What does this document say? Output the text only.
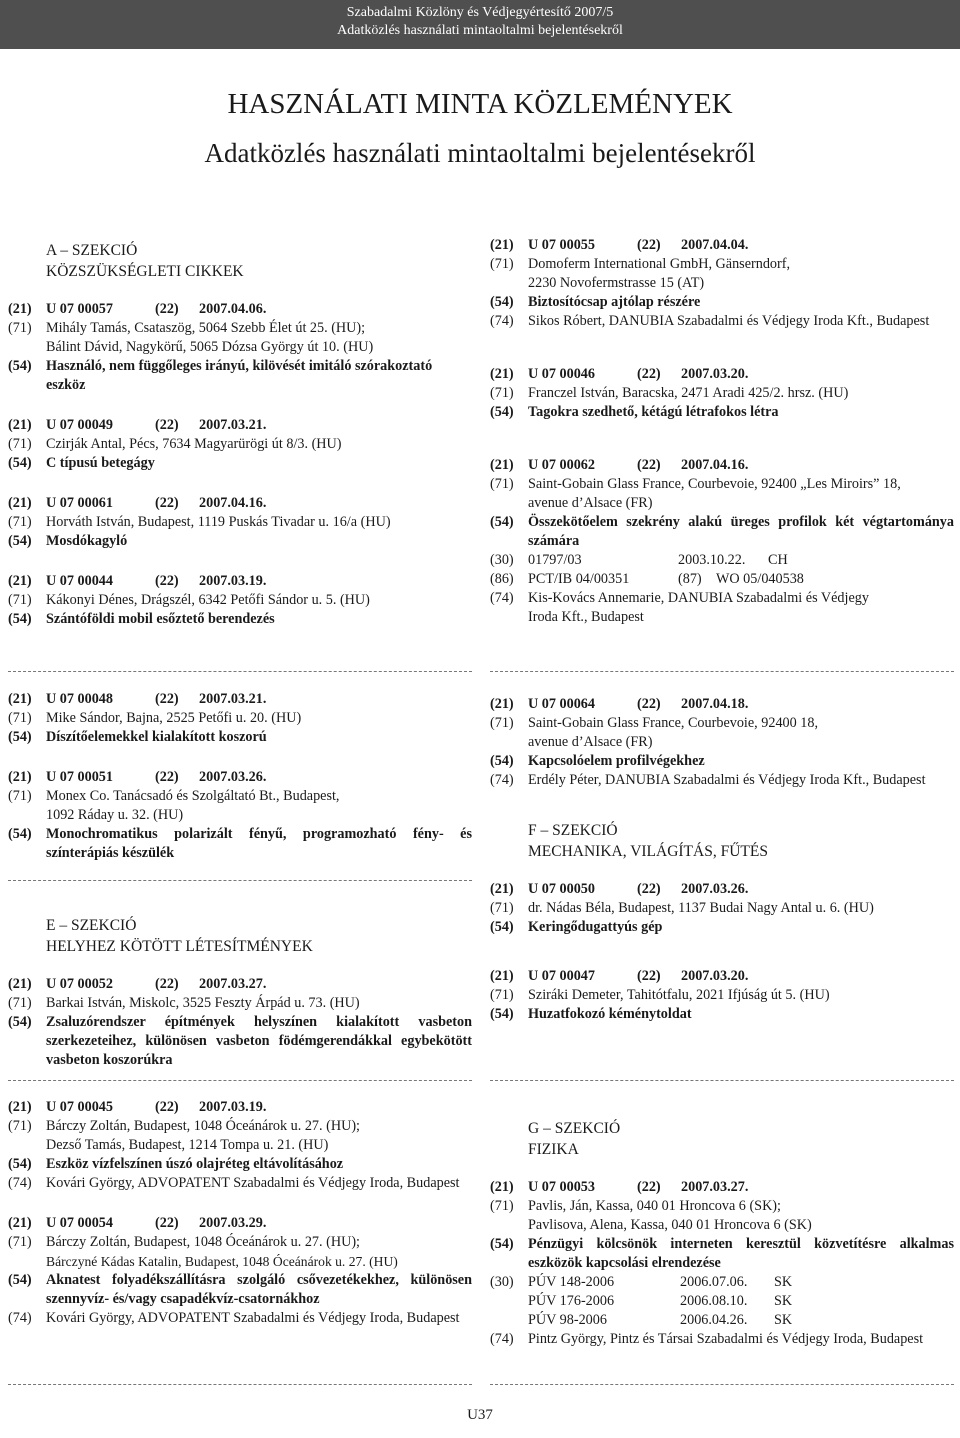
Szabadalmi Közlöny és Védjegyértesítő 2007/5
Adatközlés használati mintaoltalmi bejelentésekről
HASZNÁLATI MINTA KÖZLEMÉNYEK
Adatközlés használati mintaoltalmi bejelentésekről
A – SZEKCIÓ
KÖZSZÜKSÉGLETI CIKKEK
(21)	U 07 00057	(22)	2007.04.06.
(71)	Mihály Tamás, Csataszög, 5064 Szebb Élet út 25. (HU);
Bálint Dávid, Nagykörű, 5065 Dózsa György út 10. (HU)
(54)	Használó, nem függőleges irányú, kilövését imitáló szórakoztató eszköz
(21)	U 07 00049	(22)	2007.03.21.
(71)	Czirják Antal, Pécs, 7634 Magyarürögi út 8/3. (HU)
(54)	C típusú betegágy
(21)	U 07 00061	(22)	2007.04.16.
(71)	Horváth István, Budapest, 1119 Puskás Tivadar u. 16/a (HU)
(54)	Mosdókagyló
(21)	U 07 00044	(22)	2007.03.19.
(71)	Kákonyi Dénes, Drágszél, 6342 Petőfi Sándor u. 5. (HU)
(54)	Szántóföldi mobil esőztető berendezés
(21)	U 07 00048	(22)	2007.03.21.
(71)	Mike Sándor, Bajna, 2525 Petőfi u. 20. (HU)
(54)	Díszítőelemekkel kialakított koszorú
(21)	U 07 00051	(22)	2007.03.26.
(71)	Monex Co. Tanácsadó és Szolgáltató Bt., Budapest,
1092 Ráday u. 32. (HU)
(54)	Monochromatikus polarizált fényű, programozható fény- és színterápiás készülék
E – SZEKCIÓ
HELYHEZ KÖTÖTT LÉTESÍTMÉNYEK
(21)	U 07 00052	(22)	2007.03.27.
(71)	Barkai István, Miskolc, 3525 Feszty Árpád u. 73. (HU)
(54)	Zsaluzórendszer építmények helyszínen kialakított vasbeton szerkezeteihez, különösen vasbeton födémgerendákkal egybekötött vasbeton koszorúkra
(21)	U 07 00045	(22)	2007.03.19.
(71)	Bárczy Zoltán, Budapest, 1048 Óceánárok u. 27. (HU);
Dezső Tamás, Budapest, 1214 Tompa u. 21. (HU)
(54)	Eszköz vízfelszínen úszó olajréteg eltávolításához
(74)	Kovári György, ADVOPATENT Szabadalmi és Védjegy Iroda, Budapest
(21)	U 07 00054	(22)	2007.03.29.
(71)	Bárczy Zoltán, Budapest, 1048 Óceánárok u. 27. (HU);
Bárczyné Kádas Katalin, Budapest, 1048 Óceánárok u. 27. (HU)
(54)	Aknatest folyadékszállításra szolgáló csővezetékekhez, különösen szennyvíz- és/vagy csapadékvíz-csatornákhoz
(74)	Kovári György, ADVOPATENT Szabadalmi és Védjegy Iroda, Budapest
(21)	U 07 00055	(22)	2007.04.04.
(71)	Domoferm International GmbH, Gänserndorf,
2230 Novofermstrasse 15 (AT)
(54)	Biztosítócsap ajtólap részére
(74)	Sikos Róbert, DANUBIA Szabadalmi és Védjegy Iroda Kft., Budapest
(21)	U 07 00046	(22)	2007.03.20.
(71)	Franczel István, Baracska, 2471 Aradi 425/2. hrsz. (HU)
(54)	Tagokra szedhető, kétágú létrafokos létra
(21)	U 07 00062	(22)	2007.04.16.
(71)	Saint-Gobain Glass France, Courbevoie, 92400 „Les Miroirs” 18,
avenue d’Alsace (FR)
(54)	Összekötőelem szekrény alakú üreges profilok két végtartománya számára
(30)	01797/03	2003.10.22.	CH
(86)	PCT/IB 04/00351	(87)	WO 05/040538
(74)	Kis-Kovács Annemarie, DANUBIA Szabadalmi és Védjegy
Iroda Kft., Budapest
(21)	U 07 00064	(22)	2007.04.18.
(71)	Saint-Gobain Glass France, Courbevoie, 92400 18,
avenue d’Alsace (FR)
(54)	Kapcsolóelem profilvégekhez
(74)	Erdély Péter, DANUBIA Szabadalmi és Védjegy Iroda Kft., Budapest
F – SZEKCIÓ
MECHANIKA, VILÁGÍTÁS, FŰTÉS
(21)	U 07 00050	(22)	2007.03.26.
(71)	dr. Nádas Béla, Budapest, 1137 Budai Nagy Antal u. 6. (HU)
(54)	Keringődugattyús gép
(21)	U 07 00047	(22)	2007.03.20.
(71)	Sziráki Demeter, Tahitótfalu, 2021 Ifjúság út 5. (HU)
(54)	Huzatfokozó kéménytoldat
G – SZEKCIÓ
FIZIKA
(21)	U 07 00053	(22)	2007.03.27.
(71)	Pavlis, Ján, Kassa, 040 01 Hroncova 6 (SK);
Pavlisova, Alena, Kassa, 040 01 Hroncova 6 (SK)
(54)	Pénzügyi kölcsönök interneten keresztül közvetítésre alkalmas eszközök kapcsolási elrendezése
(30)	PÚV 148-2006	2006.07.06.	SK
PÚV 176-2006	2006.08.10.	SK
PÚV 98-2006	2006.04.26.	SK
(74)	Pintz György, Pintz és Társai Szabadalmi és Védjegy Iroda, Budapest
U37
